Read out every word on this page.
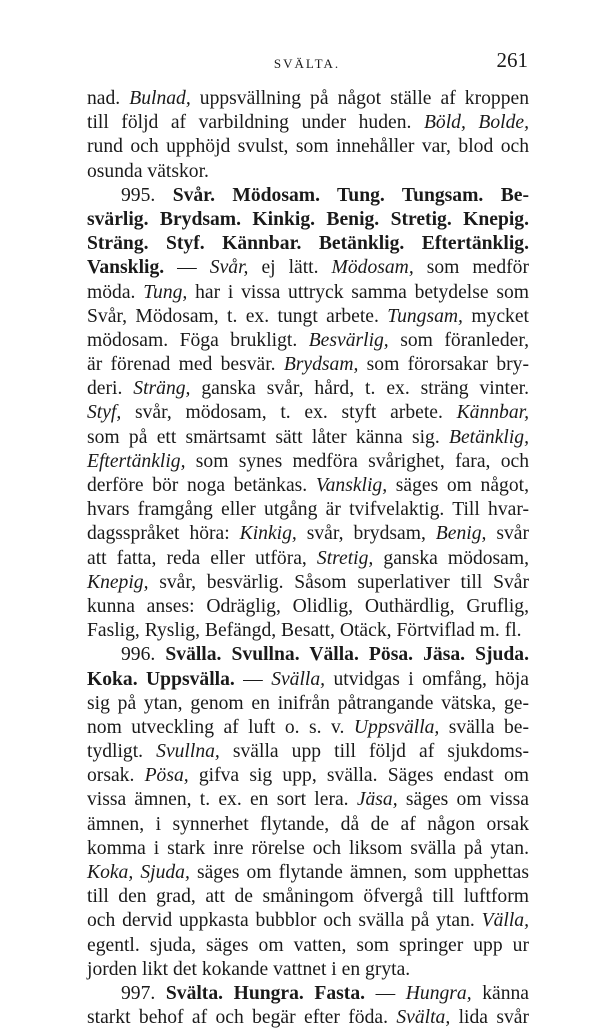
SVÄLTA.	261
nad. Bulnad, uppsvällning på något ställe af kroppen
till följd af varbildning under huden. Böld, Bolde,
rund och upphöjd svulst, som innehåller var, blod och
osunda vätskor.
995. Svår. Mödosam. Tung. Tungsam. Be-
svärlig. Brydsam. Kinkig. Benig. Stretig. Knepig.
Sträng. Styf. Kännbar. Betänklig. Eftertänklig.
Vansklig. — Svår, ej lätt. Mödosam, som medför
möda. Tung, har i vissa uttryck samma betydelse som
Svår, Mödosam, t. ex. tungt arbete. Tungsam, mycket
mödosam. Föga brukligt. Besvärlig, som föranleder,
är förenad med besvär. Brydsam, som förorsakar bry-
deri. Sträng, ganska svår, hård, t. ex. sträng vinter.
Styf, svår, mödosam, t. ex. styft arbete. Kännbar,
som på ett smärtsamt sätt låter känna sig. Betänklig,
Eftertänklig, som synes medföra svårighet, fara, och
derföre bör noga betänkas. Vansklig, säges om något,
hvars framgång eller utgång är tvifvelaktig. Till hvar-
dagsspråket höra: Kinkig, svår, brydsam, Benig, svår
att fatta, reda eller utföra, Stretig, ganska mödosam,
Knepig, svår, besvärlig. Såsom superlativer till Svår
kunna anses: Odräglig, Olidlig, Outhärdlig, Gruflig,
Faslig, Ryslig, Befängd, Besatt, Otäck, Förtviflad m. fl.
996. Svälla. Svullna. Välla. Pösa. Jäsa. Sjuda.
Koka. Uppsvälla. — Svälla, utvidgas i omfång, höja
sig på ytan, genom en inifrån påtrangande vätska, ge-
nom utveckling af luft o. s. v. Uppsvälla, svälla be-
tydligt. Svullna, svälla upp till följd af sjukdoms-
orsak. Pösa, gifva sig upp, svälla. Säges endast om
vissa ämnen, t. ex. en sort lera. Jäsa, säges om vissa
ämnen, i synnerhet flytande, då de af någon orsak
komma i stark inre rörelse och liksom svälla på ytan.
Koka, Sjuda, säges om flytande ämnen, som upphettas
till den grad, att de småningom öfvergå till luftform
och dervid uppkasta bubblor och svälla på ytan. Välla,
egentl. sjuda, säges om vatten, som springer upp ur
jorden likt det kokande vattnet i en gryta.
997. Svälta. Hungra. Fasta. — Hungra, känna
starkt behof af och begär efter föda. Svälta, lida svår
